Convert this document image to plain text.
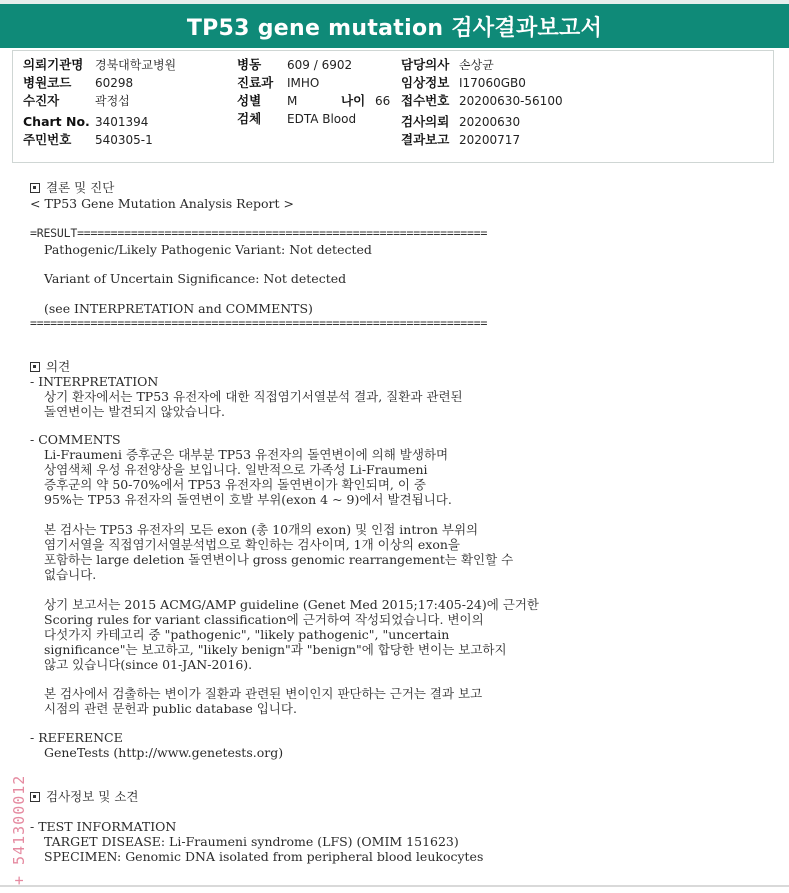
TP53 gene mutation 검사결과보고서
의뢰기관명 경북대학교병원
병원코드 60298
수진자	곽정섭
Chart No. 3401394
주민번호 540305-1
병동 609 / 6902
진료과 IMHO
성별 M	나이 66
검체 EDTA Blood
담당의사 손상균
임상정보 I17060GB0
접수번호 20200630-56100
검사의뢰 20200630
결과보고 20200717
결론 및 진단
< TP53 Gene Mutation Analysis Report >
=RESULT=============================================================
Pathogenic/Likely Pathogenic Variant: Not detected
Variant of Uncertain Significance: Not detected
(see INTERPRETATION and COMMENTS)
====================================================================
의견
- INTERPRETATION
상기 환자에서는 TP53 유전자에 대한 직접염기서열분석 결과, 질환과 관련된
돌연변이는 발견되지 않았습니다.
- COMMENTS
Li-Fraumeni 증후군은 대부분 TP53 유전자의 돌연변이에 의해 발생하며
상염색체 우성 유전양상을 보입니다. 일반적으로 가족성 Li-Fraumeni
증후군의 약 50-70%에서 TP53 유전자의 돌연변이가 확인되며, 이 중
95%는 TP53 유전자의 돌연변이 호발 부위(exon 4 ~ 9)에서 발견됩니다.
본 검사는 TP53 유전자의 모든 exon (총 10개의 exon) 및 인접 intron 부위의
염기서열을 직접염기서열분석법으로 확인하는 검사이며, 1개 이상의 exon을
포함하는 large deletion 돌연변이나 gross genomic rearrangement는 확인할 수
없습니다.
상기 보고서는 2015 ACMG/AMP guideline (Genet Med 2015;17:405-24)에 근거한
Scoring rules for variant classification에 근거하여 작성되었습니다. 변이의
다섯가지 카테고리 중 "pathogenic", "likely pathogenic", "uncertain
significance"는 보고하고, "likely benign"과 "benign"에 합당한 변이는 보고하지
않고 있습니다(since 01-JAN-2016).
본 검사에서 검출하는 변이가 질환과 관련된 변이인지 판단하는 근거는 결과 보고
시점의 관련 문헌과 public database 입니다.
- REFERENCE
GeneTests (http://www.genetests.org)
검사정보 및 소견
- TEST INFORMATION
TARGET DISEASE: Li-Fraumeni syndrome (LFS) (OMIM 151623)
SPECIMEN: Genomic DNA isolated from peripheral blood leukocytes
+ 541300012
